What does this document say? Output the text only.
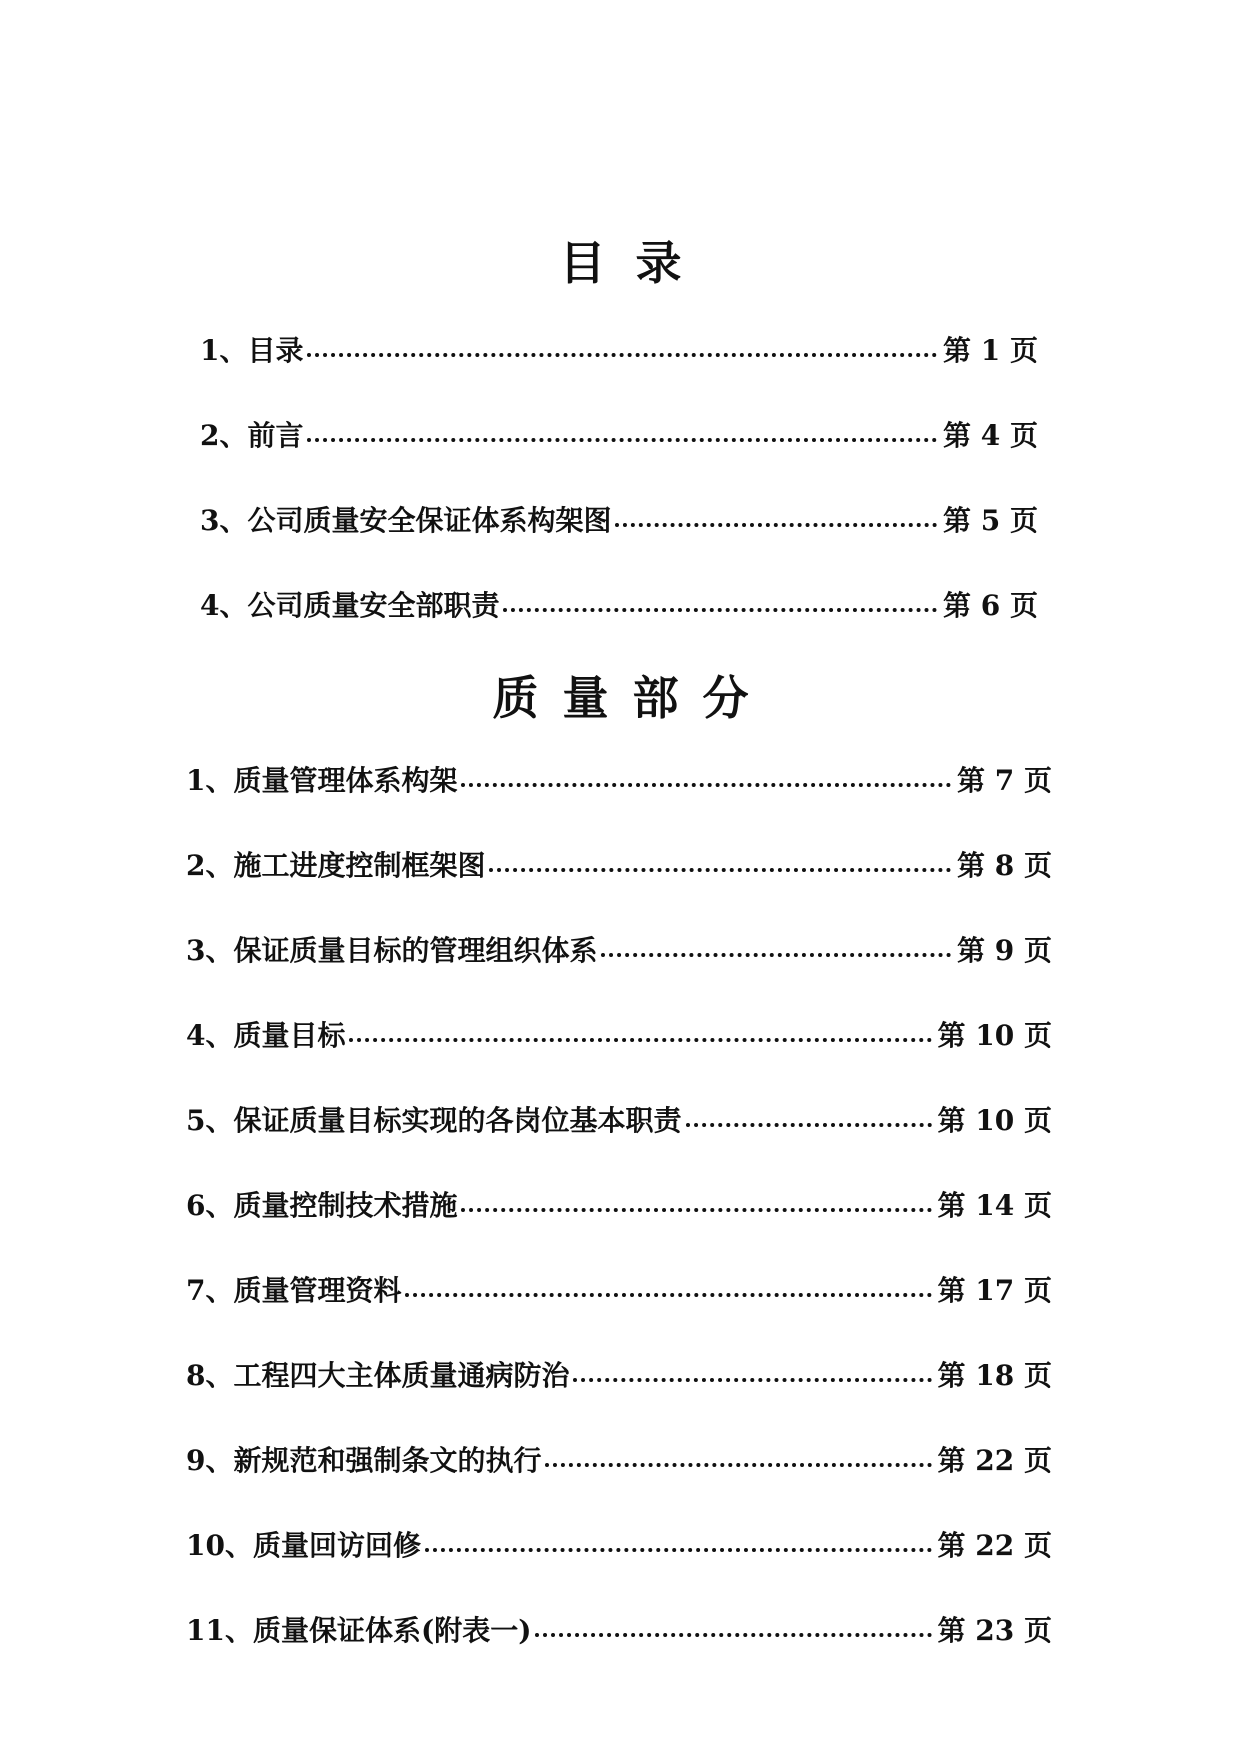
目录
1、目录	第 1 页
2、前言	第 4 页
3、公司质量安全保证体系构架图	第 5 页
4、公司质量安全部职责	第 6 页
质量部分
1、质量管理体系构架	第 7 页
2、施工进度控制框架图	第 8 页
3、保证质量目标的管理组织体系	第 9 页
4、质量目标	第 10 页
5、保证质量目标实现的各岗位基本职责	第 10 页
6、质量控制技术措施	第 14 页
7、质量管理资料	第 17 页
8、工程四大主体质量通病防治	第 18 页
9、新规范和强制条文的执行	第 22 页
10、质量回访回修	第 22 页
11、质量保证体系(附表一)	第 23 页
